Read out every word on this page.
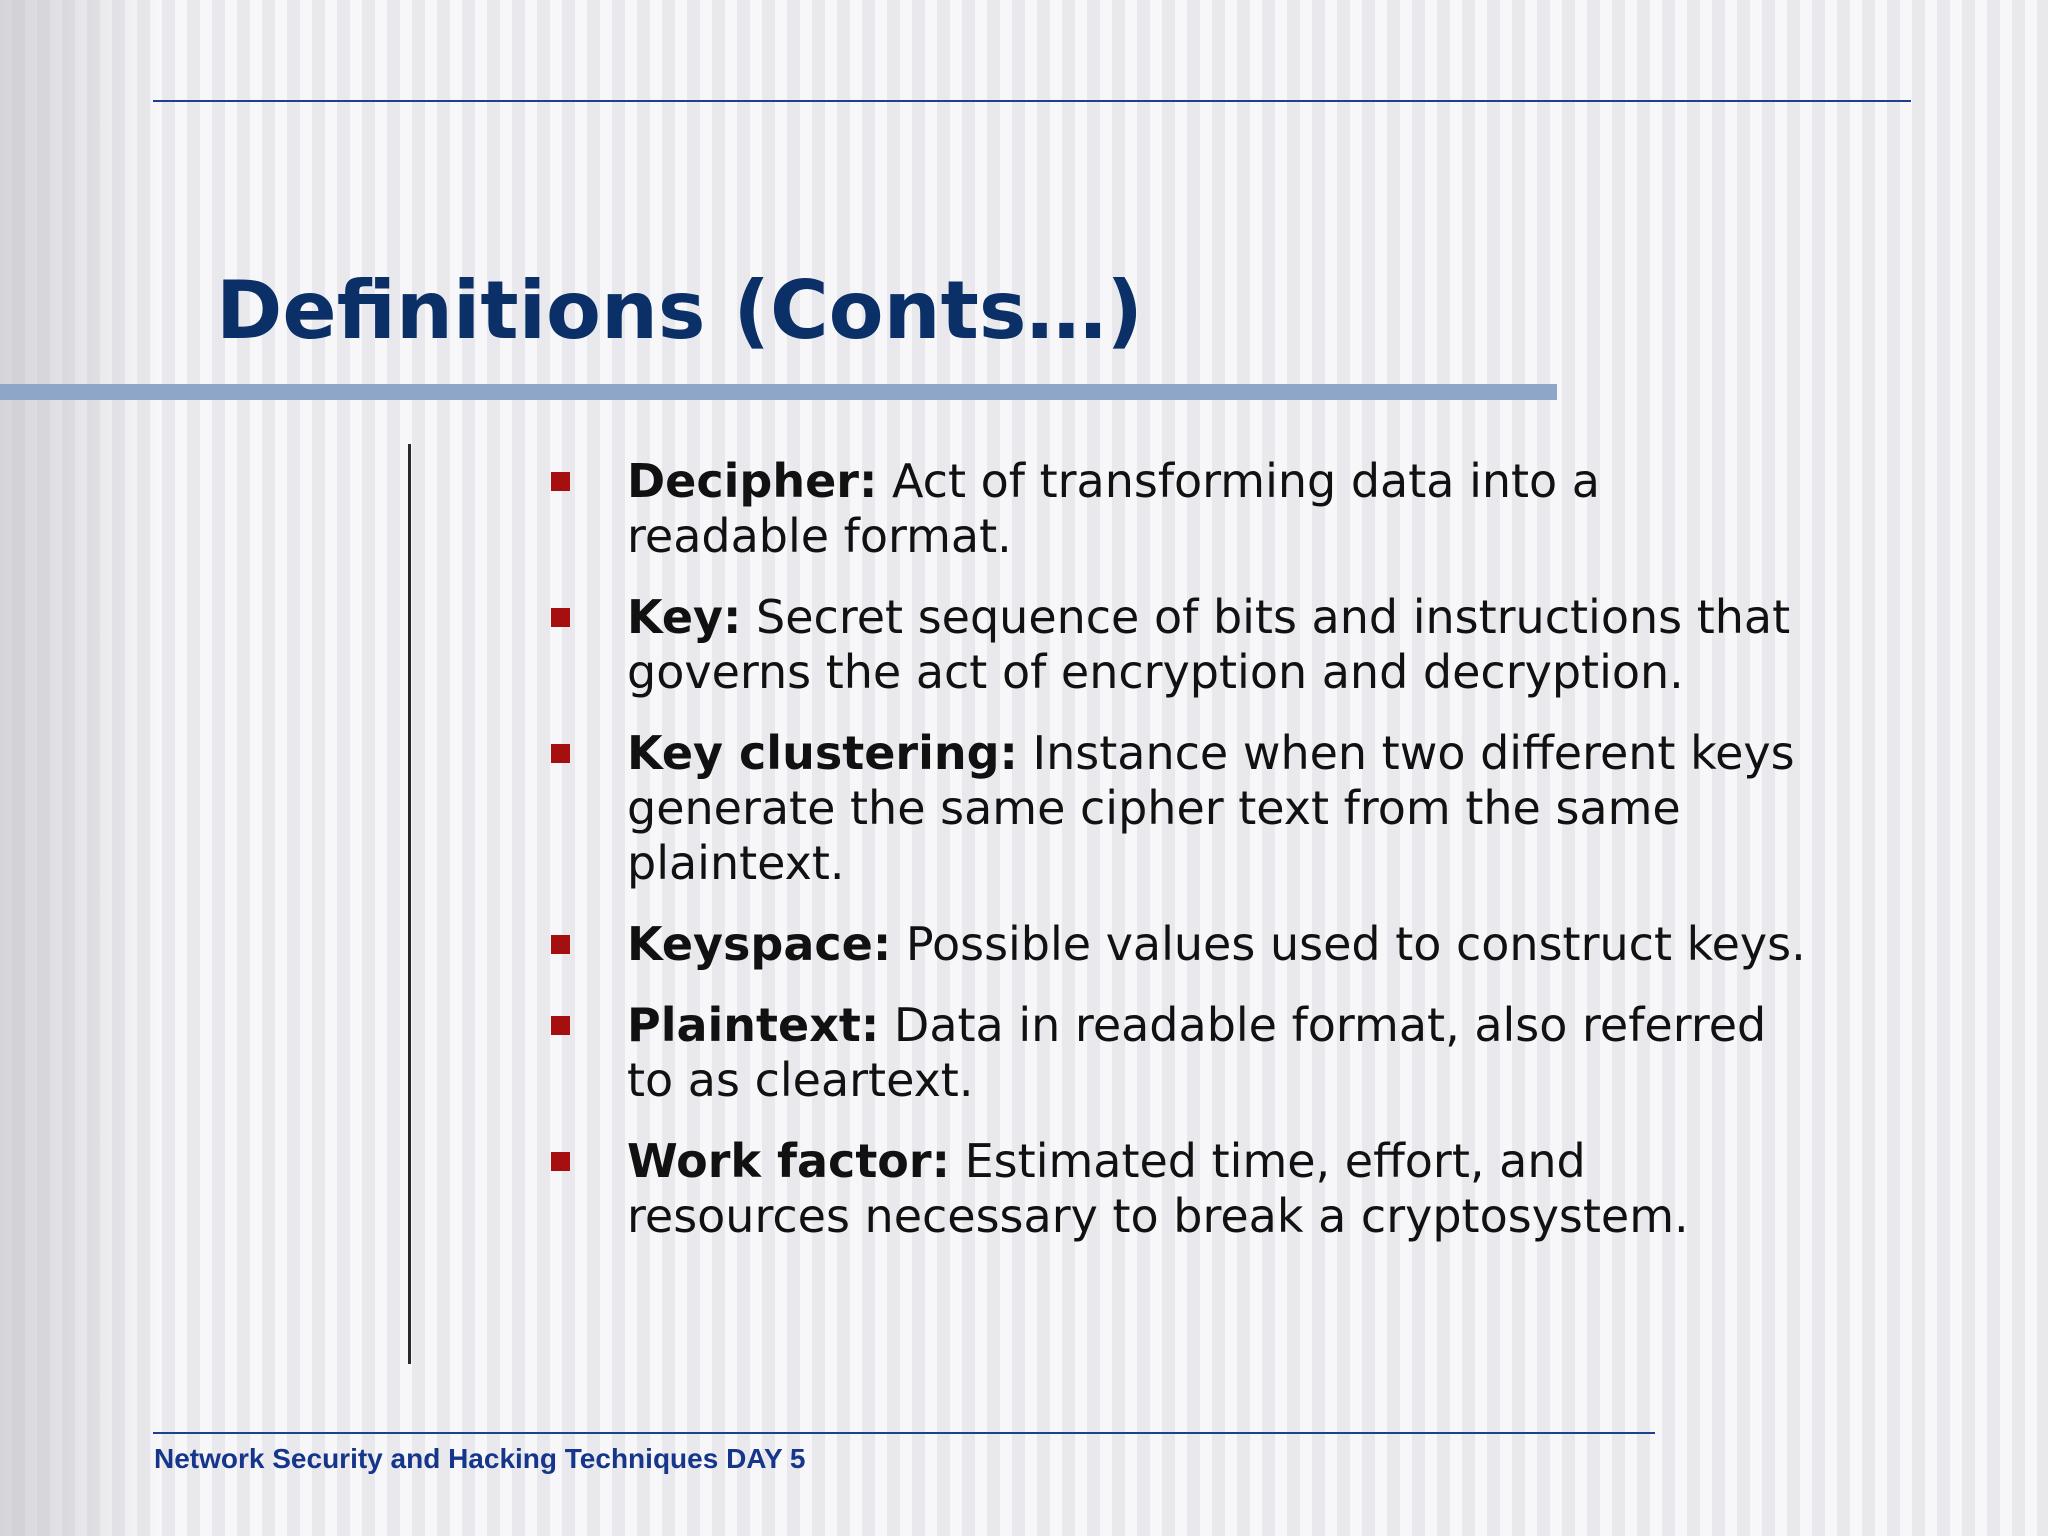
Definitions (Conts…)
Decipher: Act of transforming data into a readable format.
Key: Secret sequence of bits and instructions that governs the act of encryption and decryption.
Key clustering: Instance when two different keys generate the same cipher text from the same plaintext.
Keyspace: Possible values used to construct keys.
Plaintext: Data in readable format, also referred to as cleartext.
Work factor: Estimated time, effort, and resources necessary to break a cryptosystem.
Network Security and Hacking Techniques DAY 5
